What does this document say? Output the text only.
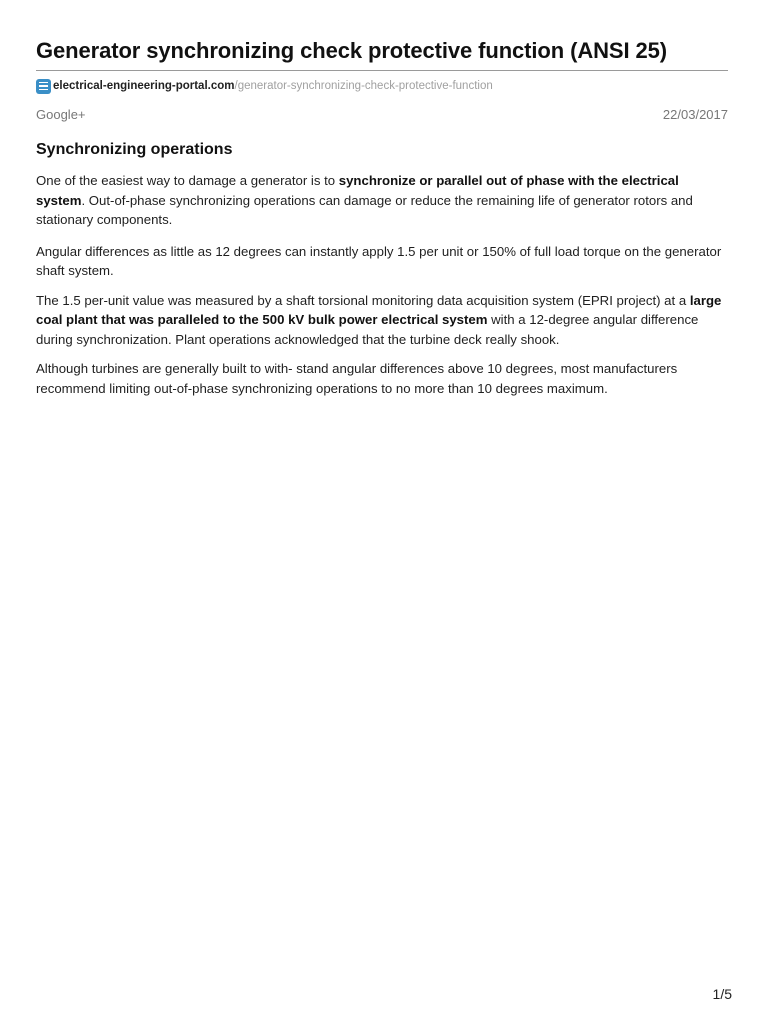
Generator synchronizing check protective function (ANSI 25)
electrical-engineering-portal.com /generator-synchronizing-check-protective-function
Google+	22/03/2017
Synchronizing operations

One of the easiest way to damage a generator is to synchronize or parallel out of phase with the electrical system. Out-of-phase synchronizing operations can damage or reduce the remaining life of generator rotors and stationary components.

Angular differences as little as 12 degrees can instantly apply 1.5 per unit or 150% of full load torque on the generator shaft system.

The 1.5 per-unit value was measured by a shaft torsional monitoring data acquisition system (EPRI project) at a large coal plant that was paralleled to the 500 kV bulk power electrical system with a 12-degree angular difference during synchronization. Plant operations acknowledged that the turbine deck really shook.

Although turbines are generally built to with- stand angular differences above 10 degrees, most manufacturers recommend limiting out-of-phase synchronizing operations to no more than 10 degrees maximum.

1/5
